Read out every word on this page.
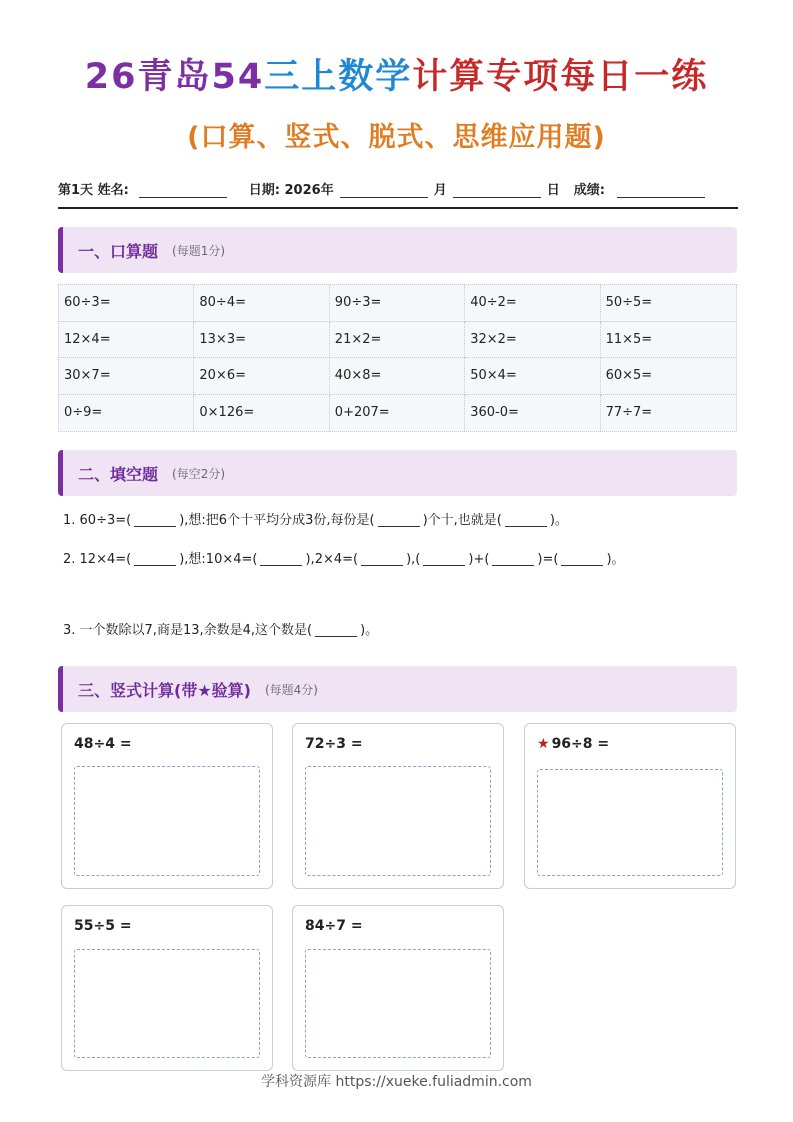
26青岛54三上数学计算专项每日一练
(口算、竖式、脱式、思维应用题)
第1天 姓名:	日期: 2026年	月	日 成绩:
一、口算题 (每题1分)
60÷3=	80÷4=	90÷3=	40÷2=	50÷5=
12×4=	13×3=	21×2=	32×2=	11×5=
30×7=	20×6=	40×8=	50×4=	60×5=
0÷9=	0×126=	0+207=	360-0=	77÷7=
二、填空题 (每空2分)
1. 60÷3=(	),想:把6个十平均分成3份,每份是(	)个十,也就是(	)。
2. 12×4=(	),想:10×4=(	),2×4=(	),(	)+(	)=(	)。
3. 一个数除以7,商是13,余数是4,这个数是(	)。
三、竖式计算(带★验算) (每题4分)
48÷4 =	72÷3 =	★ 96÷8 =
55÷5 =	84÷7 =
学科资源库 https://xueke.fuliadmin.com
